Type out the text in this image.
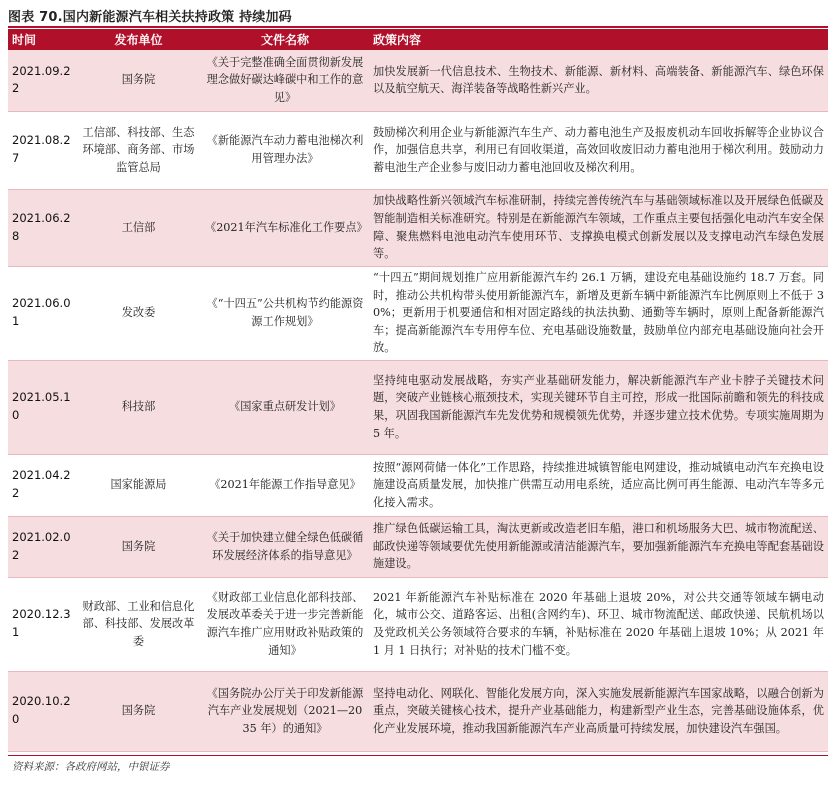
图表 70.国内新能源汽车相关扶持政策 持续加码
时间	发布单位	文件名称	政策内容
2021.09.22	国务院	《关于完整准确全面贯彻新发展理念做好碳达峰碳中和工作的意见》	加快发展新一代信息技术、生物技术、新能源、新材料、高端装备、新能源汽车、绿色环保以及航空航天、海洋装备等战略性新兴产业。
2021.08.27	工信部、科技部、生态环境部、商务部、市场监管总局	《新能源汽车动力蓄电池梯次利用管理办法》	鼓励梯次利用企业与新能源汽车生产、动力蓄电池生产及报废机动车回收拆解等企业协议合作，加强信息共享，利用已有回收渠道，高效回收废旧动力蓄电池用于梯次利用。鼓励动力蓄电池生产企业参与废旧动力蓄电池回收及梯次利用。
2021.06.28	工信部	《2021年汽车标准化工作要点》	加快战略性新兴领域汽车标准研制，持续完善传统汽车与基础领域标准以及开展绿色低碳及智能制造相关标准研究。特别是在新能源汽车领域，工作重点主要包括强化电动汽车安全保障、聚焦燃料电池电动汽车使用环节、支撑换电模式创新发展以及支撑电动汽车绿色发展等。
2021.06.01	发改委	《“十四五”公共机构节约能源资源工作规划》	“十四五”期间规划推广应用新能源汽车约 26.1 万辆，建设充电基础设施约 18.7 万套。同时，推动公共机构带头使用新能源汽车，新增及更新车辆中新能源汽车比例原则上不低于 30%；更新用于机要通信和相对固定路线的执法执勤、通勤等车辆时，原则上配备新能源汽车；提高新能源汽车专用停车位、充电基础设施数量，鼓励单位内部充电基础设施向社会开放。
2021.05.10	科技部	《国家重点研发计划》	坚持纯电驱动发展战略，夯实产业基础研发能力，解决新能源汽车产业卡脖子关键技术问题，突破产业链核心瓶颈技术，实现关键环节自主可控，形成一批国际前瞻和领先的科技成果，巩固我国新能源汽车先发优势和规模领先优势，并逐步建立技术优势。专项实施周期为 5 年。
2021.04.22	国家能源局	《2021年能源工作指导意见》	按照“源网荷储一体化”工作思路，持续推进城镇智能电网建设，推动城镇电动汽车充换电设施建设高质量发展，加快推广供需互动用电系统，适应高比例可再生能源、电动汽车等多元化接入需求。
2021.02.02	国务院	《关于加快建立健全绿色低碳循环发展经济体系的指导意见》	推广绿色低碳运输工具，淘汰更新或改造老旧车船，港口和机场服务大巴、城市物流配送、邮政快递等领域要优先使用新能源或清洁能源汽车，要加强新能源汽车充换电等配套基础设施建设。
2020.12.31	财政部、工业和信息化部、科技部、发展改革委	《财政部工业信息化部科技部、发展改革委关于进一步完善新能源汽车推广应用财政补贴政策的通知》	2021 年新能源汽车补贴标准在 2020 年基础上退坡 20%，对公共交通等领域车辆电动化，城市公交、道路客运、出租(含网约车)、环卫、城市物流配送、邮政快递、民航机场以及党政机关公务领域符合要求的车辆，补贴标准在 2020 年基础上退坡 10%；从 2021 年 1 月 1 日执行；对补贴的技术门槛不变。
2020.10.20	国务院	《国务院办公厅关于印发新能源汽车产业发展规划（2021—2035 年）的通知》	坚持电动化、网联化、智能化发展方向，深入实施发展新能源汽车国家战略，以融合创新为重点，突破关键核心技术，提升产业基础能力，构建新型产业生态，完善基础设施体系，优化产业发展环境，推动我国新能源汽车产业高质量可持续发展，加快建设汽车强国。
资料来源：各政府网站，中银证券
